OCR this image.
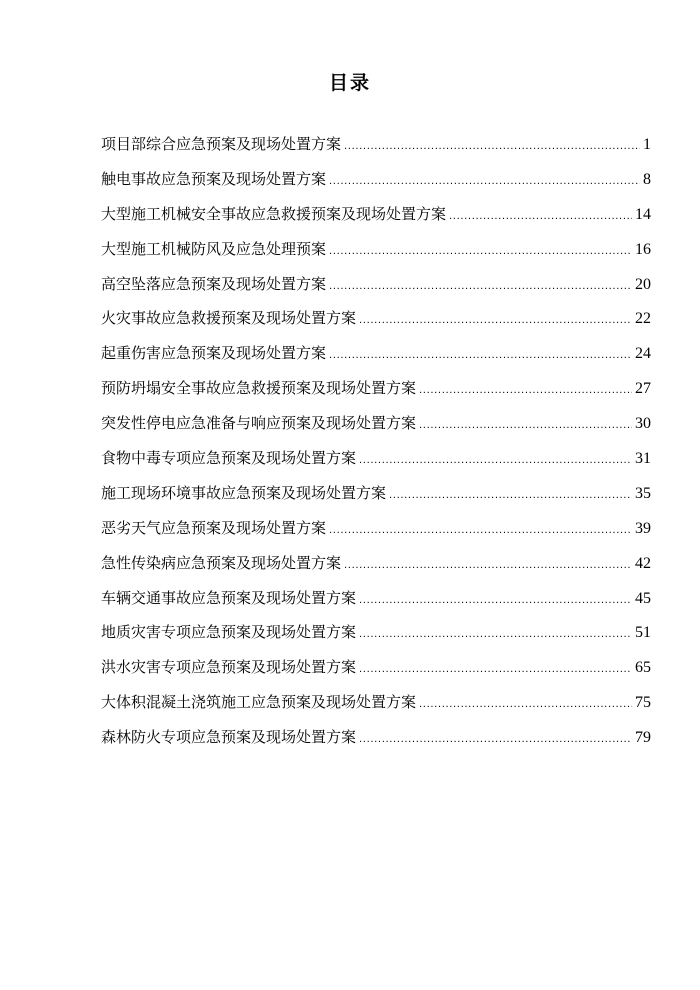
目录
项目部综合应急预案及现场处置方案 .....	1
触电事故应急预案及现场处置方案 .....	8
大型施工机械安全事故应急救援预案及现场处置方案 .....	14
大型施工机械防风及应急处理预案 .....	16
高空坠落应急预案及现场处置方案 .....	20
火灾事故应急救援预案及现场处置方案 .....	22
起重伤害应急预案及现场处置方案 .....	24
预防坍塌安全事故应急救援预案及现场处置方案 .....	27
突发性停电应急准备与响应预案及现场处置方案 .....	30
食物中毒专项应急预案及现场处置方案 .....	31
施工现场环境事故应急预案及现场处置方案 .....	35
恶劣天气应急预案及现场处置方案 .....	39
急性传染病应急预案及现场处置方案 .....	42
车辆交通事故应急预案及现场处置方案 .....	45
地质灾害专项应急预案及现场处置方案 .....	51
洪水灾害专项应急预案及现场处置方案 .....	65
大体积混凝土浇筑施工应急预案及现场处置方案 .....	75
森林防火专项应急预案及现场处置方案 .....	79
